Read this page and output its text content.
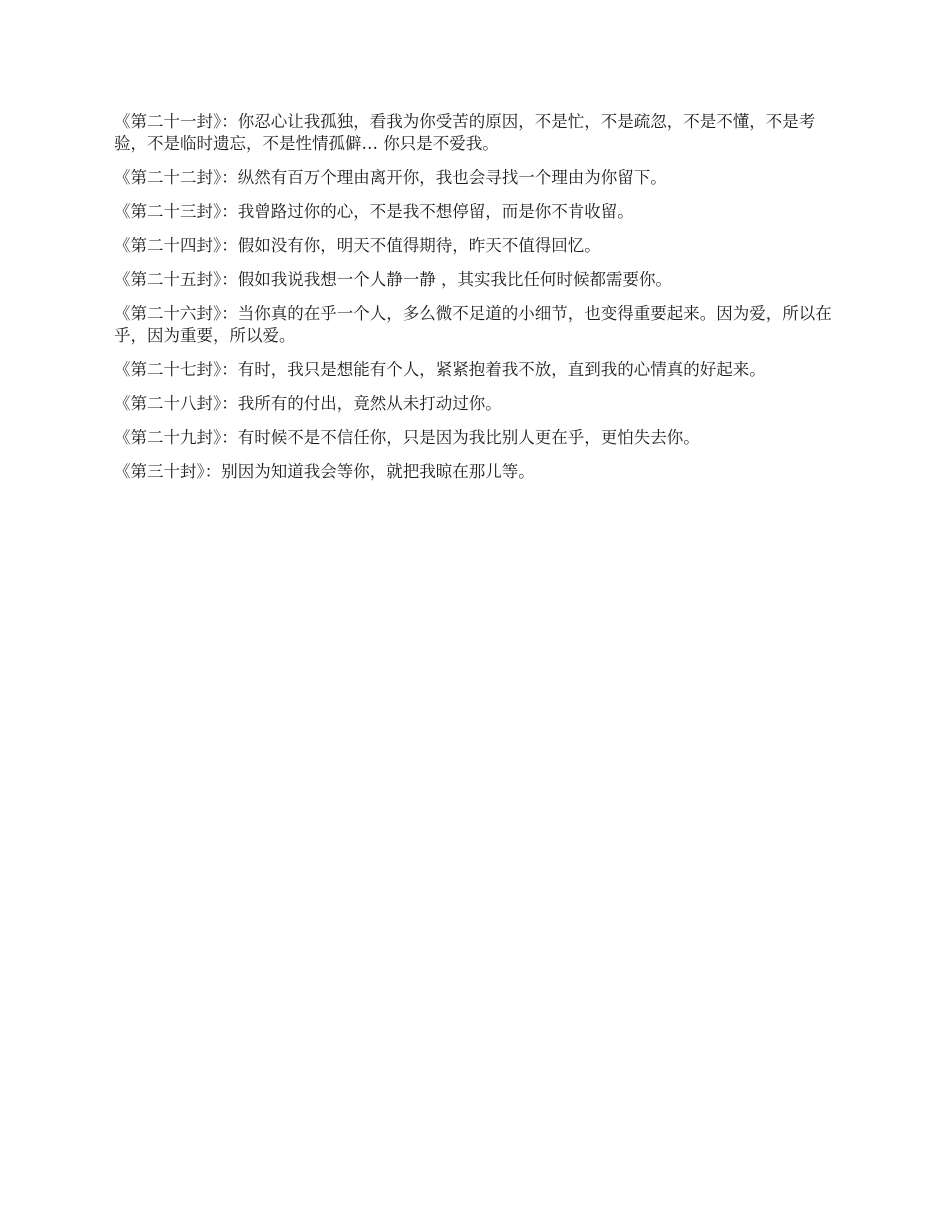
《第二十一封》：你忍心让我孤独，看我为你受苦的原因，不是忙，不是疏忽，不是不懂，不是考验，不是临时遗忘，不是性情孤僻… 你只是不爱我。

《第二十二封》：纵然有百万个理由离开你，我也会寻找一个理由为你留下。

《第二十三封》：我曾路过你的心，不是我不想停留，而是你不肯收留。

《第二十四封》：假如没有你，明天不值得期待，昨天不值得回忆。

《第二十五封》：假如我说我想一个人静一静 ，其实我比任何时候都需要你。

《第二十六封》：当你真的在乎一个人，多么微不足道的小细节，也变得重要起来。因为爱，所以在乎，因为重要，所以爱。

《第二十七封》：有时，我只是想能有个人，紧紧抱着我不放，直到我的心情真的好起来。

《第二十八封》：我所有的付出，竟然从未打动过你。

《第二十九封》：有时候不是不信任你，只是因为我比别人更在乎，更怕失去你。

《第三十封》：别因为知道我会等你，就把我晾在那儿等。
